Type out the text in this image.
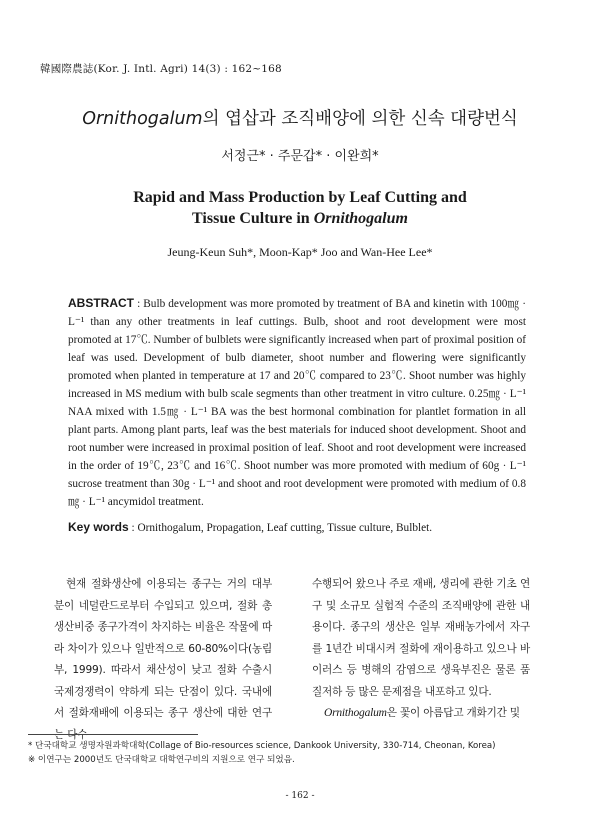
韓國際農誌(Kor. J. Intl. Agri) 14(3) : 162~168
Ornithogalum의 엽삽과 조직배양에 의한 신속 대량번식
서정근* · 주문갑* · 이완희*
Rapid and Mass Production by Leaf Cutting and
Tissue Culture in Ornithogalum
Jeung-Keun Suh*, Moon-Kap* Joo and Wan-Hee Lee*
ABSTRACT : Bulb development was more promoted by treatment of BA and kinetin with 100㎎ · L⁻¹ than any other treatments in leaf cuttings. Bulb, shoot and root development were most promoted at 17℃. Number of bulblets were significantly increased when part of proximal position of leaf was used. Development of bulb diameter, shoot number and flowering were significantly promoted when planted in temperature at 17 and 20℃ compared to 23℃. Shoot number was highly increased in MS medium with bulb scale segments than other treatment in vitro culture. 0.25㎎ · L⁻¹ NAA mixed with 1.5㎎ · L⁻¹ BA was the best hormonal combination for plantlet formation in all plant parts. Among plant parts, leaf was the best materials for induced shoot development. Shoot and root number were increased in proximal position of leaf. Shoot and root development were increased in the order of 19℃, 23℃ and 16℃. Shoot number was more promoted with medium of 60g · L⁻¹ sucrose treatment than 30g · L⁻¹ and shoot and root development were promoted with medium of 0.8㎎ · L⁻¹ ancymidol treatment.
Key words : Ornithogalum, Propagation, Leaf cutting, Tissue culture, Bulblet.

현재 절화생산에 이용되는 종구는 거의 대부분이 네덜란드로부터 수입되고 있으며, 절화 총 생산비중 종구가격이 차지하는 비율은 작물에 따라 차이가 있으나 일반적으로 60-80%이다(농림부, 1999). 따라서 채산성이 낮고 절화 수출시 국제경쟁력이 약하게 되는 단점이 있다. 국내에서 절화재배에 이용되는 종구 생산에 대한 연구는 다수

수행되어 왔으나 주로 재배, 생리에 관한 기초 연구 및 소규모 실험적 수준의 조직배양에 관한 내용이다. 종구의 생산은 일부 재배농가에서 자구를 1년간 비대시켜 절화에 재이용하고 있으나 바이러스 등 병해의 감염으로 생육부진은 물론 품질저하 등 많은 문제점을 내포하고 있다.

Ornithogalum은 꽃이 아름답고 개화기간 및

* 단국대학교 생명자원과학대학(Collage of Bio-resources science, Dankook University, 330-714, Cheonan, Korea)
※ 이연구는 2000년도 단국대학교 대학연구비의 지원으로 연구 되었음.
- 162 -
